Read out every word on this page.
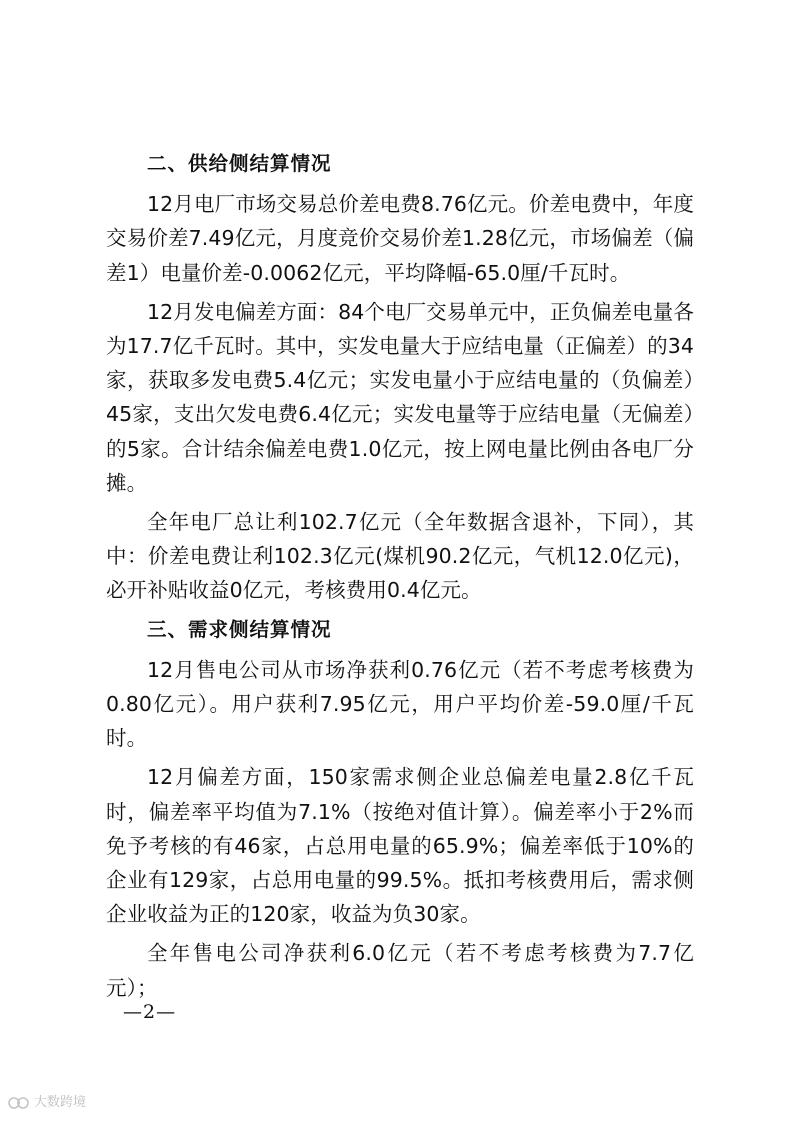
二、供给侧结算情况

12月电厂市场交易总价差电费8.76亿元。价差电费中，年度交易价差7.49亿元，月度竞价交易价差1.28亿元，市场偏差（偏差1）电量价差-0.0062亿元，平均降幅-65.0厘/千瓦时。

12月发电偏差方面：84个电厂交易单元中，正负偏差电量各为17.7亿千瓦时。其中，实发电量大于应结电量（正偏差）的34家，获取多发电费5.4亿元；实发电量小于应结电量的（负偏差）45家，支出欠发电费6.4亿元；实发电量等于应结电量（无偏差）的5家。合计结余偏差电费1.0亿元，按上网电量比例由各电厂分摊。

全年电厂总让利102.7亿元（全年数据含退补，下同），其中：价差电费让利102.3亿元(煤机90.2亿元，气机12.0亿元)，必开补贴收益0亿元，考核费用0.4亿元。

三、需求侧结算情况

12月售电公司从市场净获利0.76亿元（若不考虑考核费为0.80亿元）。用户获利7.95亿元，用户平均价差-59.0厘/千瓦时。

12月偏差方面，150家需求侧企业总偏差电量2.8亿千瓦时，偏差率平均值为7.1%（按绝对值计算）。偏差率小于2%而免予考核的有46家，占总用电量的65.9%；偏差率低于10%的企业有129家，占总用电量的99.5%。抵扣考核费用后，需求侧企业收益为正的120家，收益为负30家。

全年售电公司净获利6.0亿元（若不考虑考核费为7.7亿元）；

—2—
大数跨境
